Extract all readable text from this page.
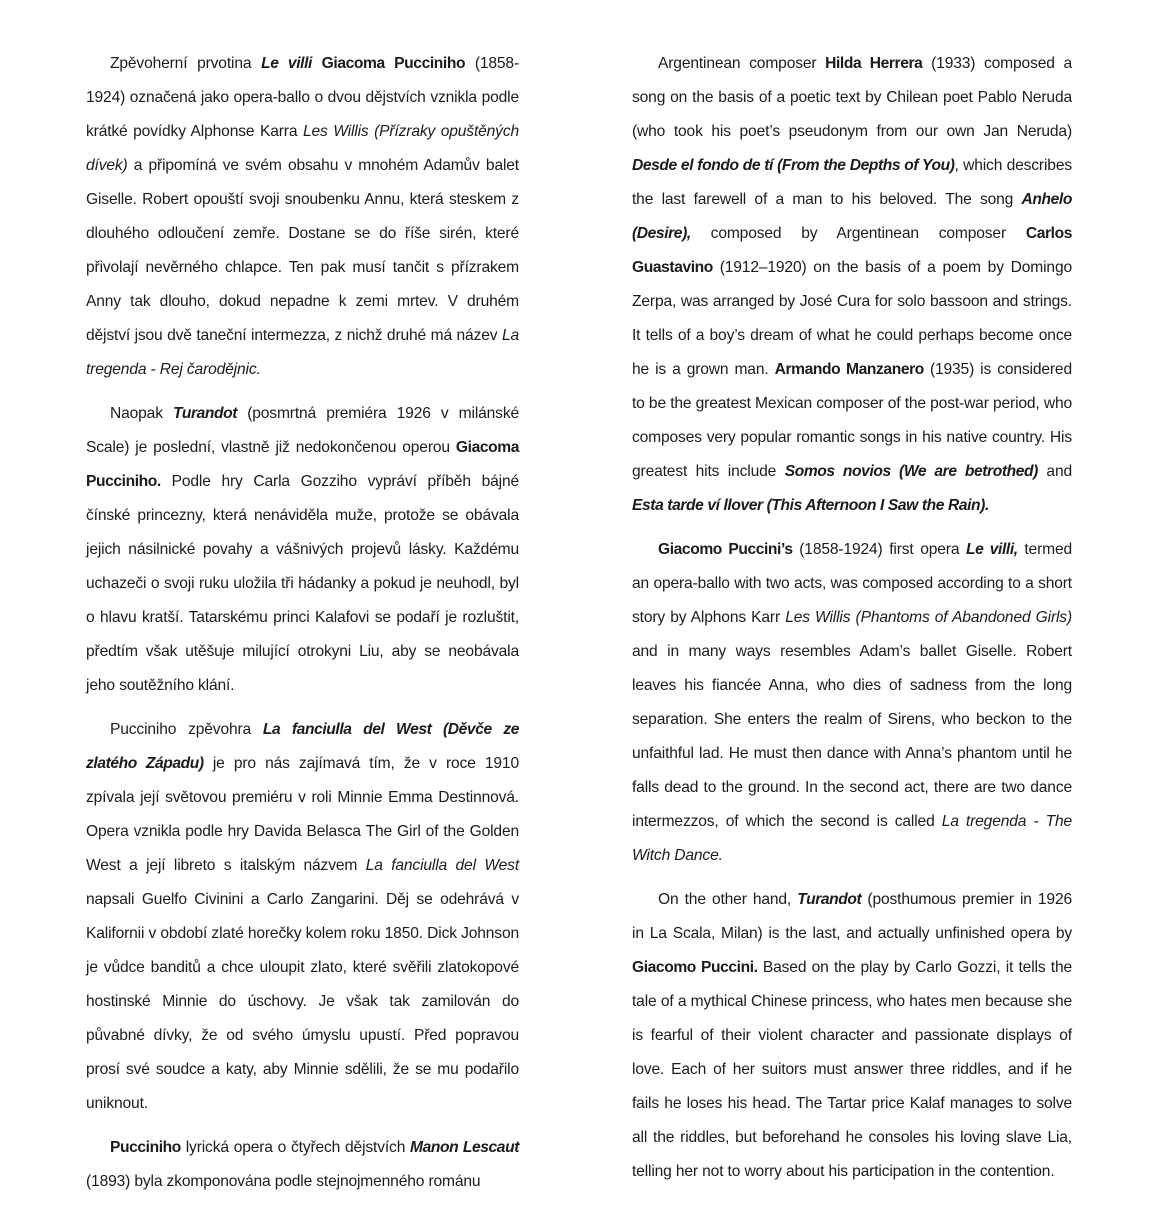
Zpěvoherní prvotina Le villi Giacoma Pucciniho (1858-1924) označená jako opera-ballo o dvou dějstvích vznikla podle krátké povídky Alphonse Karra Les Willis (Přízraky opuštěných dívek) a připomíná ve svém obsahu v mnohém Adamův balet Giselle. Robert opouští svoji snoubenku Annu, která steskem z dlouhého odloučení zemře. Dostane se do říše sirén, které přivolají nevěrného chlapce. Ten pak musí tančit s přízrakem Anny tak dlouho, dokud nepadne k zemi mrtev. V druhém dějství jsou dvě taneční intermezza, z nichž druhé má název La tregenda - Rej čarodějnic.

Naopak Turandot (posmrtná premiéra 1926 v milánské Scale) je poslední, vlastně již nedokončenou operou Giacoma Pucciniho. Podle hry Carla Gozziho vypráví příběh bájné čínské princezny, která nenáviděla muže, protože se obávala jejich násilnické povahy a vášnivých projevů lásky. Každému uchazeči o svoji ruku uložila tři hádanky a pokud je neuhodl, byl o hlavu kratší. Tatarskému princi Kalafovi se podaří je rozluštit, předtím však utěšuje milující otrokyni Liu, aby se neobávala jeho soutěžního klání.

Pucciniho zpěvohra La fanciulla del West (Děvče ze zlatého Západu) je pro nás zajímavá tím, že v roce 1910 zpívala její světovou premiéru v roli Minnie Emma Destinnová. Opera vznikla podle hry Davida Belasca The Girl of the Golden West a její libreto s italským názvem La fanciulla del West napsali Guelfo Civinini a Carlo Zangarini. Děj se odehrává v Kalifornii v období zlaté horečky kolem roku 1850. Dick Johnson je vůdce banditů a chce uloupit zlato, které svěřili zlatokopové hostinské Minnie do úschovy. Je však tak zamilován do půvabné dívky, že od svého úmyslu upustí. Před popravou prosí své soudce a katy, aby Minnie sdělili, že se mu podařilo uniknout.

Pucciniho lyrická opera o čtyřech dějstvích Manon Lescaut (1893) byla zkomponována podle stejnojmenného románu

Argentinean composer Hilda Herrera (1933) composed a song on the basis of a poetic text by Chilean poet Pablo Neruda (who took his poet’s pseudonym from our own Jan Neruda) Desde el fondo de tí (From the Depths of You), which describes the last farewell of a man to his beloved. The song Anhelo (Desire), composed by Argentinean composer Carlos Guastavino (1912–1920) on the basis of a poem by Domingo Zerpa, was arranged by José Cura for solo bassoon and strings. It tells of a boy’s dream of what he could perhaps become once he is a grown man. Armando Manzanero (1935) is considered to be the greatest Mexican composer of the post-war period, who composes very popular romantic songs in his native country. His greatest hits include Somos novios (We are betrothed) and Esta tarde ví llover (This Afternoon I Saw the Rain).

Giacomo Puccini’s (1858-1924) first opera Le villi, termed an opera-ballo with two acts, was composed according to a short story by Alphons Karr Les Willis (Phantoms of Abandoned Girls) and in many ways resembles Adam’s ballet Giselle. Robert leaves his fiancée Anna, who dies of sadness from the long separation. She enters the realm of Sirens, who beckon to the unfaithful lad. He must then dance with Anna’s phantom until he falls dead to the ground. In the second act, there are two dance intermezzos, of which the second is called La tregenda - The Witch Dance.

On the other hand, Turandot (posthumous premier in 1926 in La Scala, Milan) is the last, and actually unfinished opera by Giacomo Puccini. Based on the play by Carlo Gozzi, it tells the tale of a mythical Chinese princess, who hates men because she is fearful of their violent character and passionate displays of love. Each of her suitors must answer three riddles, and if he fails he loses his head. The Tartar price Kalaf manages to solve all the riddles, but beforehand he consoles his loving slave Lia, telling her not to worry about his participation in the contention.
